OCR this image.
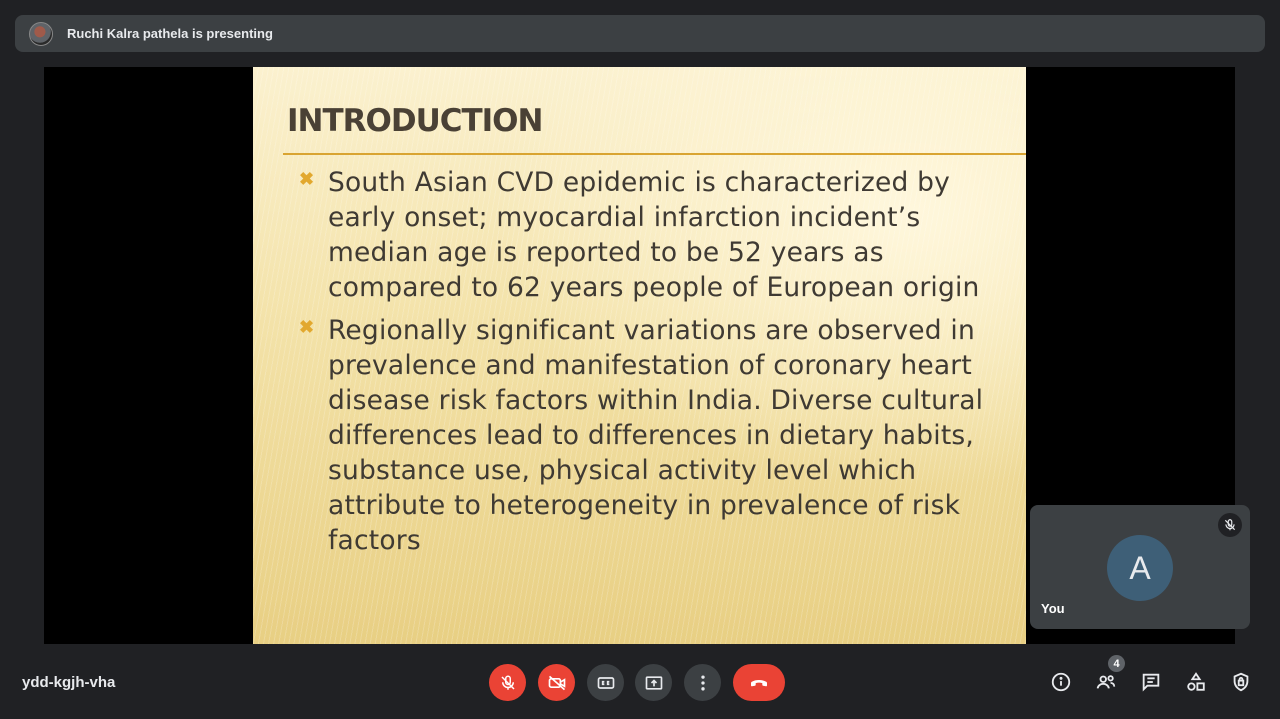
Ruchi Kalra pathela is presenting
INTRODUCTION
✖ South Asian CVD epidemic is characterized by early onset; myocardial infarction incident’s median age is reported to be 52 years as compared to 62 years people of European origin
✖ Regionally significant variations are observed in prevalence and manifestation of coronary heart disease risk factors within India. Diverse cultural differences lead to differences in dietary habits, substance use, physical activity level which attribute to heterogeneity in prevalence of risk factors
A
You
ydd-kgjh-vha
4
